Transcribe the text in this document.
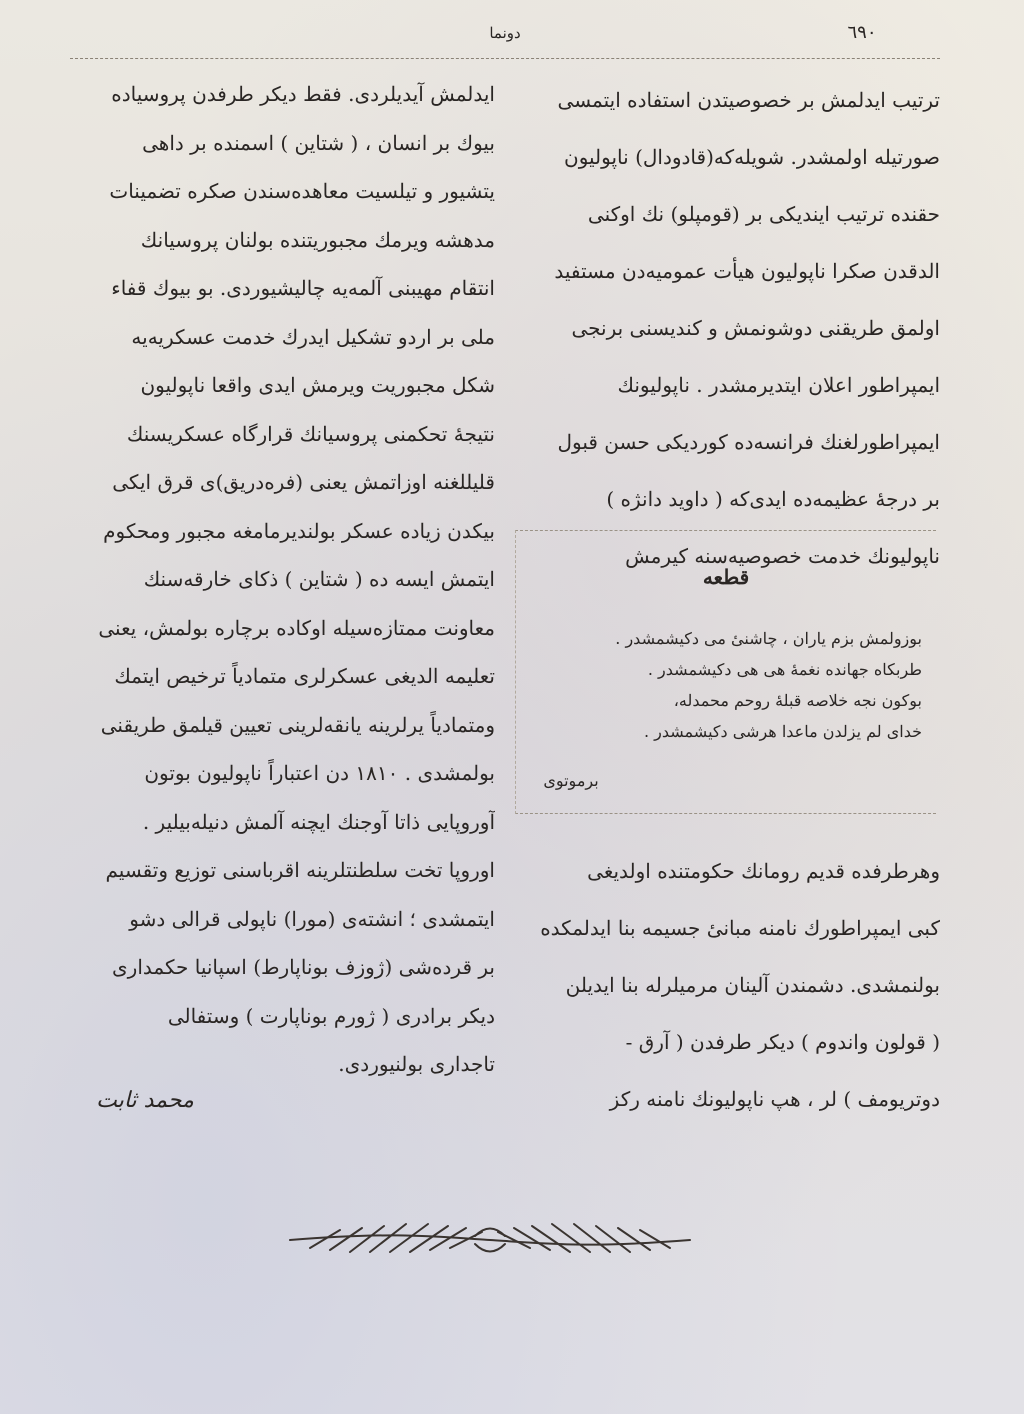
٦٩٠
دونما
ترتیب ایدلمش بر خصوصیتدن استفاده ایتمسی
صورتیله اولمشدر. شویله‌که(قادودال) ناپولیون
حقنده ترتیب ایندیکی بر (قومپلو) نك اوکنی
الدقدن صکرا ناپولیون هیأت عمومیه‌دن مستفید
اولمق طریقنی دوشونمش و کندیسنی برنجی
ایمپراطور اعلان ایتدیرمشدر . ناپولیونك
ایمپراطورلغنك فرانسه‌ده کوردیکی حسن قبول
بر درجهٔ عظیمه‌ده ایدی‌که ( داوید دانژه )
ناپولیونك خدمت خصوصیه‌سنه کیرمش
قطعه
بوزولمش بزم یاران ، چاشنیٔ می دکیشمشدر .
طربکاه جهانده نغمهٔ هی هی دکیشمشدر .
بوکون نجه خلاصه قبلهٔ روحم محمدله،
خدای لم یزلدن ماعدا هرشی دکیشمشدر .
برموتوی
وهرطرفده قدیم روما‌نك حکومتنده اولدیغی
کبی ایمپراطورك نامنه مبانیٔ جسیمه بنا ایدلمکده
بولنمشدی. دشمندن آلینان مرمیلرله بنا ایدیلن
( قولون واندوم ) دیکر طرفدن ( آرق -
دوتریومف ) لر ، هپ ناپولیونك نامنه رکز
ایدلمش آیدیلردی. فقط دیکر طرفدن پروسیاده
بیوك بر انسان ، ( شتاین ) اسمنده بر داهی
یتشیور و تیلسیت معاهده‌سندن صکره تضمینات
مدهشه ویرمك مجبوریتنده بولنان پروسیانك
انتقام مهیبنی آلمه‌یه چالیشیوردی. بو بیوك قفاء
ملی بر اردو تشکیل ایدرك خدمت عسکریه‌یه
شکل مجبوریت ویرمش ایدی واقعا ناپولیون
نتیجهٔ تحکمنی پروسیانك قرارگاه عسکریسنك
قلیللغنه اوزاتمش یعنی (فره‌دریق)ی قرق ایکی
بیکدن زیاده عسکر بولندیرمامغه مجبور ومحکوم
ایتمش ایسه ده ( شتاین ) ذکای خارقه‌سنك
معاونت ممتازه‌سیله اوکاده برچاره بولمش، یعنی
تعلیمه الدیغی عسکرلری متمادیاً ترخیص ایتمك
ومتمادیاً یرلرینه یانقه‌لرینی تعیین قیلمق طریقنی
بولمشدی . ١٨١٠ دن اعتباراً ناپولیون بوتون
آوروپایی ذاتا آوجنك ایچنه آلمش دنیله‌بیلیر .
اوروپا تخت سلطنتلرینه اقرباسنی توزیع وتقسیم
ایتمشدی ؛ انشته‌ی (مورا) ناپولی قرالی دشو
بر قرده‌شی (ژوزف بوناپارط) اسپانیا حکمداری
دیکر برادری ( ژورم بوناپارت ) وستفالی
تاجداری بولنیوردی.
محمد ثابت
